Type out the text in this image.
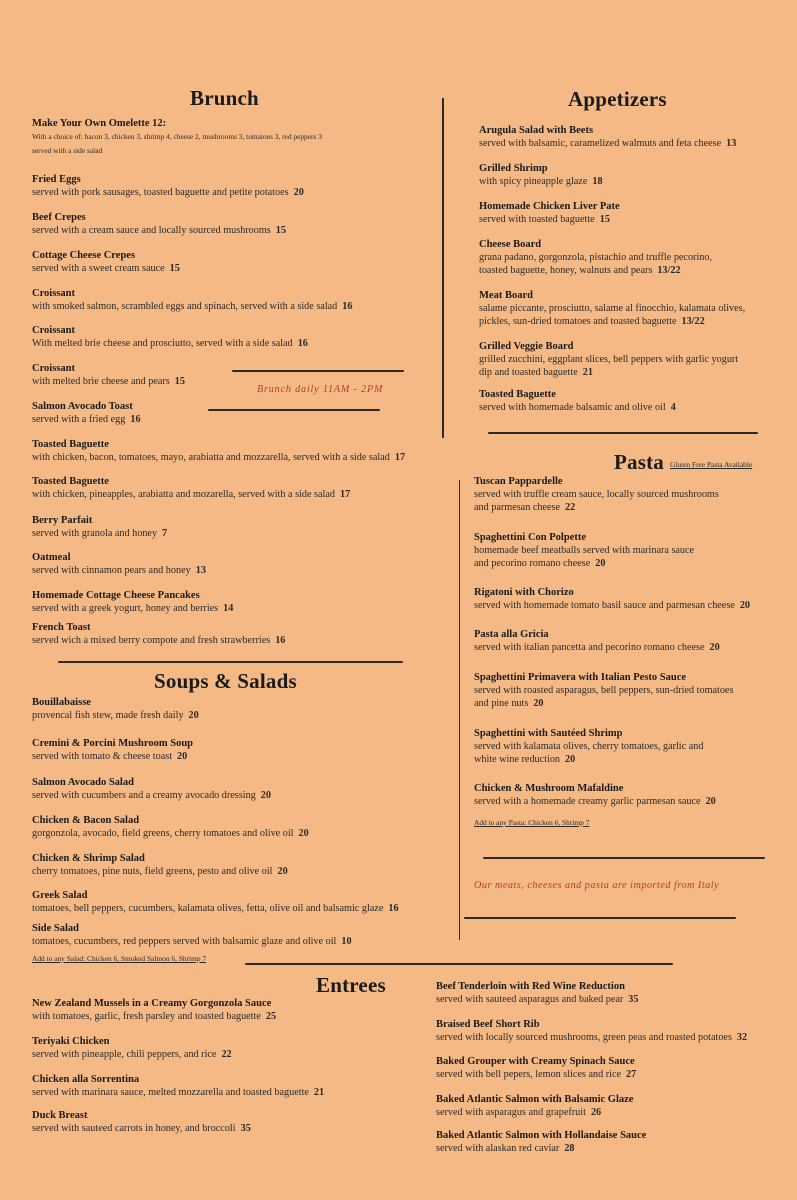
Brunch
Make Your Own Omelette 12:
With a choice of: bacon 3, chicken 3, shrimp 4, cheese 2, mushrooms 3, tomatoes 3, red peppers 3
served with a side salad
Fried Eggs
served with pork sausages, toasted baguette and petite potatoes 20
Beef Crepes
served with a cream sauce and locally sourced mushrooms 15
Cottage Cheese Crepes
served with a sweet cream sauce 15
Croissant
with smoked salmon, scrambled eggs and spinach, served with a side salad 16
Croissant
With melted brie cheese and prosciutto, served with a side salad 16
Croissant
with melted brie cheese and pears 15
Salmon Avocado Toast
served with a fried egg 16
Toasted Baguette
with chicken, bacon, tomatoes, mayo, arabiatta and mozzarella, served with a side salad 17
Toasted Baguette
with chicken, pineapples, arabiatta and mozarella, served with a side salad 17
Berry Parfait
served with granola and honey 7
Oatmeal
served with cinnamon pears and honey 13
Homemade Cottage Cheese Pancakes
served with a greek yogurt, honey and berries 14
French Toast
served wich a mixed berry compote and fresh strawberries 16
Brunch daily 11AM - 2PM
Soups & Salads
Bouillabaisse
provencal fish stew, made fresh daily 20
Cremini & Porcini Mushroom Soup
served with tomato & cheese toast 20
Salmon Avocado Salad
served with cucumbers and a creamy avocado dressing 20
Chicken & Bacon Salad
gorgonzola, avocado, field greens, cherry tomatoes and olive oil 20
Chicken & Shrimp Salad
cherry tomatoes, pine nuts, field greens, pesto and olive oil 20
Greek Salad
tomatoes, bell peppers, cucumbers, kalamata olives, fetta, olive oil and balsamic glaze 16
Side Salad
tomatoes, cucumbers, red peppers served with balsamic glaze and olive oil 10
Add to any Salad: Chicken 6, Smoked Salmon 6, Shrimp 7
Appetizers
Arugula Salad with Beets
served with balsamic, caramelized walmuts and feta cheese 13
Grilled Shrimp
with spicy pineapple glaze 18
Homemade Chicken Liver Pate
served with toasted baguette 15
Cheese Board
grana padano, gorgonzola, pistachio and truffle pecorino,
toasted baguette, honey, walnuts and pears 13/22
Meat Board
salame piccante, prosciutto, salame al finocchio, kalamata olives,
pickles, sun-dried tomatoes and toasted baguette 13/22
Grilled Veggie Board
grilled zucchini, eggplant slices, bell peppers with garlic yogurt
dip and toasted baguette 21
Toasted Baguette
served with homemade balsamic and olive oil 4
Pasta Gluten Free Pasta Available
Tuscan Pappardelle
served with truffle cream sauce, locally sourced mushrooms
and parmesan cheese 22
Spaghettini Con Polpette
homemade beef meatballs served with marinara sauce
and pecorino romano cheese 20
Rigatoni with Chorizo
served with homemade tomato basil sauce and parmesan cheese 20
Pasta alla Gricia
served with italian pancetta and pecorino romano cheese 20
Spaghettini Primavera with Italian Pesto Sauce
served with roasted asparagus, bell peppers, sun-dried tomatoes
and pine nuts 20
Spaghettini with Sautéed Shrimp
served with kalamata olives, cherry tomatoes, garlic and
white wine reduction 20
Chicken & Mushroom Mafaldine
served with a homemade creamy garlic parmesan sauce 20
Add to any Pasta: Chicken 6, Shrimp 7
Our meats, cheeses and pasta are imported from Italy
Entrees
New Zealand Mussels in a Creamy Gorgonzola Sauce
with tomatoes, garlic, fresh parsley and toasted baguette 25
Teriyaki Chicken
served with pineapple, chili peppers, and rice 22
Chicken alla Sorrentina
served with marinara sauce, melted mozzarella and toasted baguette 21
Duck Breast
served with sauteed carrots in honey, and broccoli 35
Beef Tenderloin with Red Wine Reduction
served with sauteed asparagus and baked pear 35
Braised Beef Short Rib
served with locally sourced mushrooms, green peas and roasted potatoes 32
Baked Grouper with Creamy Spinach Sauce
served with bell pepers, lemon slices and rice 27
Baked Atlantic Salmon with Balsamic Glaze
served with asparagus and grapefruit 26
Baked Atlantic Salmon with Hollandaise Sauce
served with alaskan red caviar 28
